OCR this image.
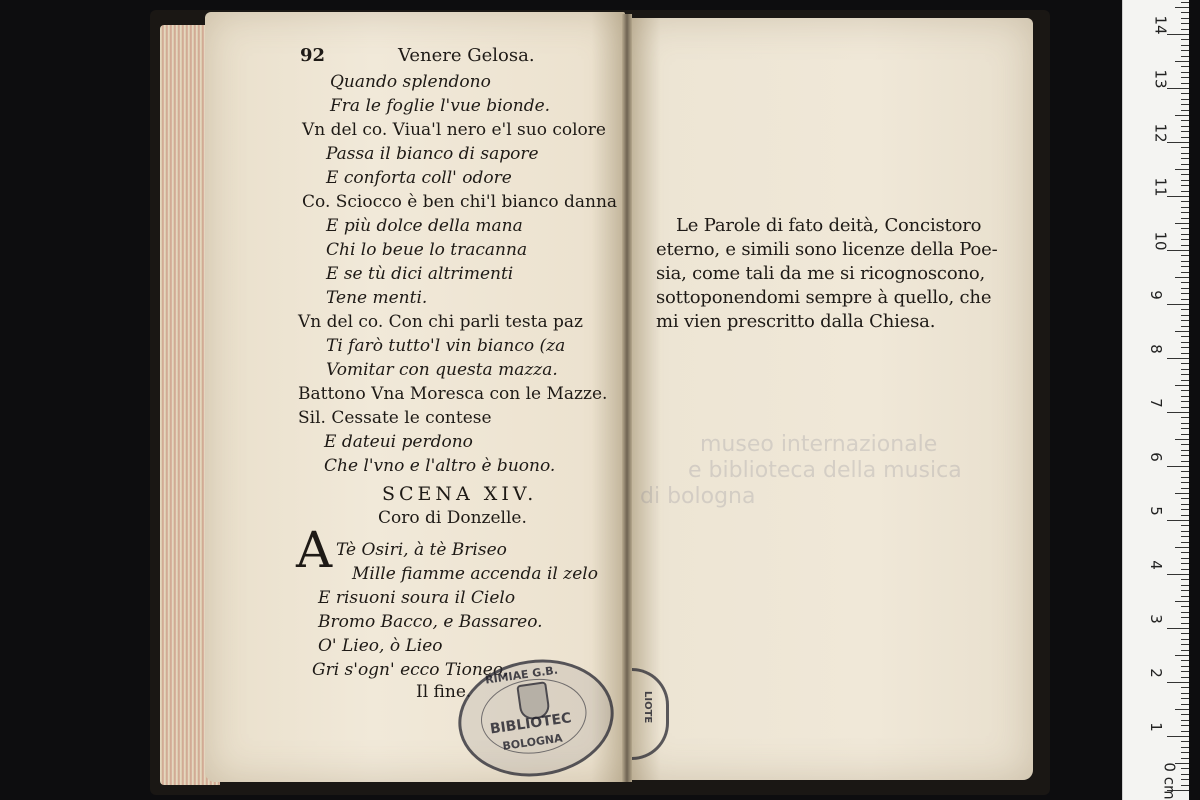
92	Venere Gelosa.
Quando splendono
Fra le foglie l'vue bionde.
Vn del co. Viua'l nero e'l suo colore
Passa il bianco di sapore
E conforta coll' odore
Co. Sciocco è ben chi'l bianco danna
E più dolce della mana
Chi lo beue lo tracanna
E se tù dici altrimenti
Tene menti.
Vn del co. Con chi parli testa paz
Ti farò tutto'l vin bianco (za
Vomitar con questa mazza.
Battono Vna Moresca con le Mazze.
Sil. Cessate le contese
E dateui perdono
Che l'vno e l'altro è buono.
SCENA XIV.
Coro di Donzelle.
A Tè Osiri, à tè Briseo
Mille fiamme accenda il zelo
E risuoni soura il Cielo
Bromo Bacco, e Bassareo.
O' Lieo, ò Lieo
Gri s'ogn' ecco Tioneo,
Il fine.
RIMIAE G.B.
BIBLIOTEC
BOLOGNA
museo internazionale
e biblioteca della musica
di bologna
Le Parole di fato deità, Concistoro
eterno, e simili sono licenze della Poe-
sia, come tali da me si ricognoscono,
sottoponendomi sempre à quello, che
mi vien prescritto dalla Chiesa.
LIOTE
14
13
12
11
10
9
8
7
6
5
4
3
2
1
0 cm
